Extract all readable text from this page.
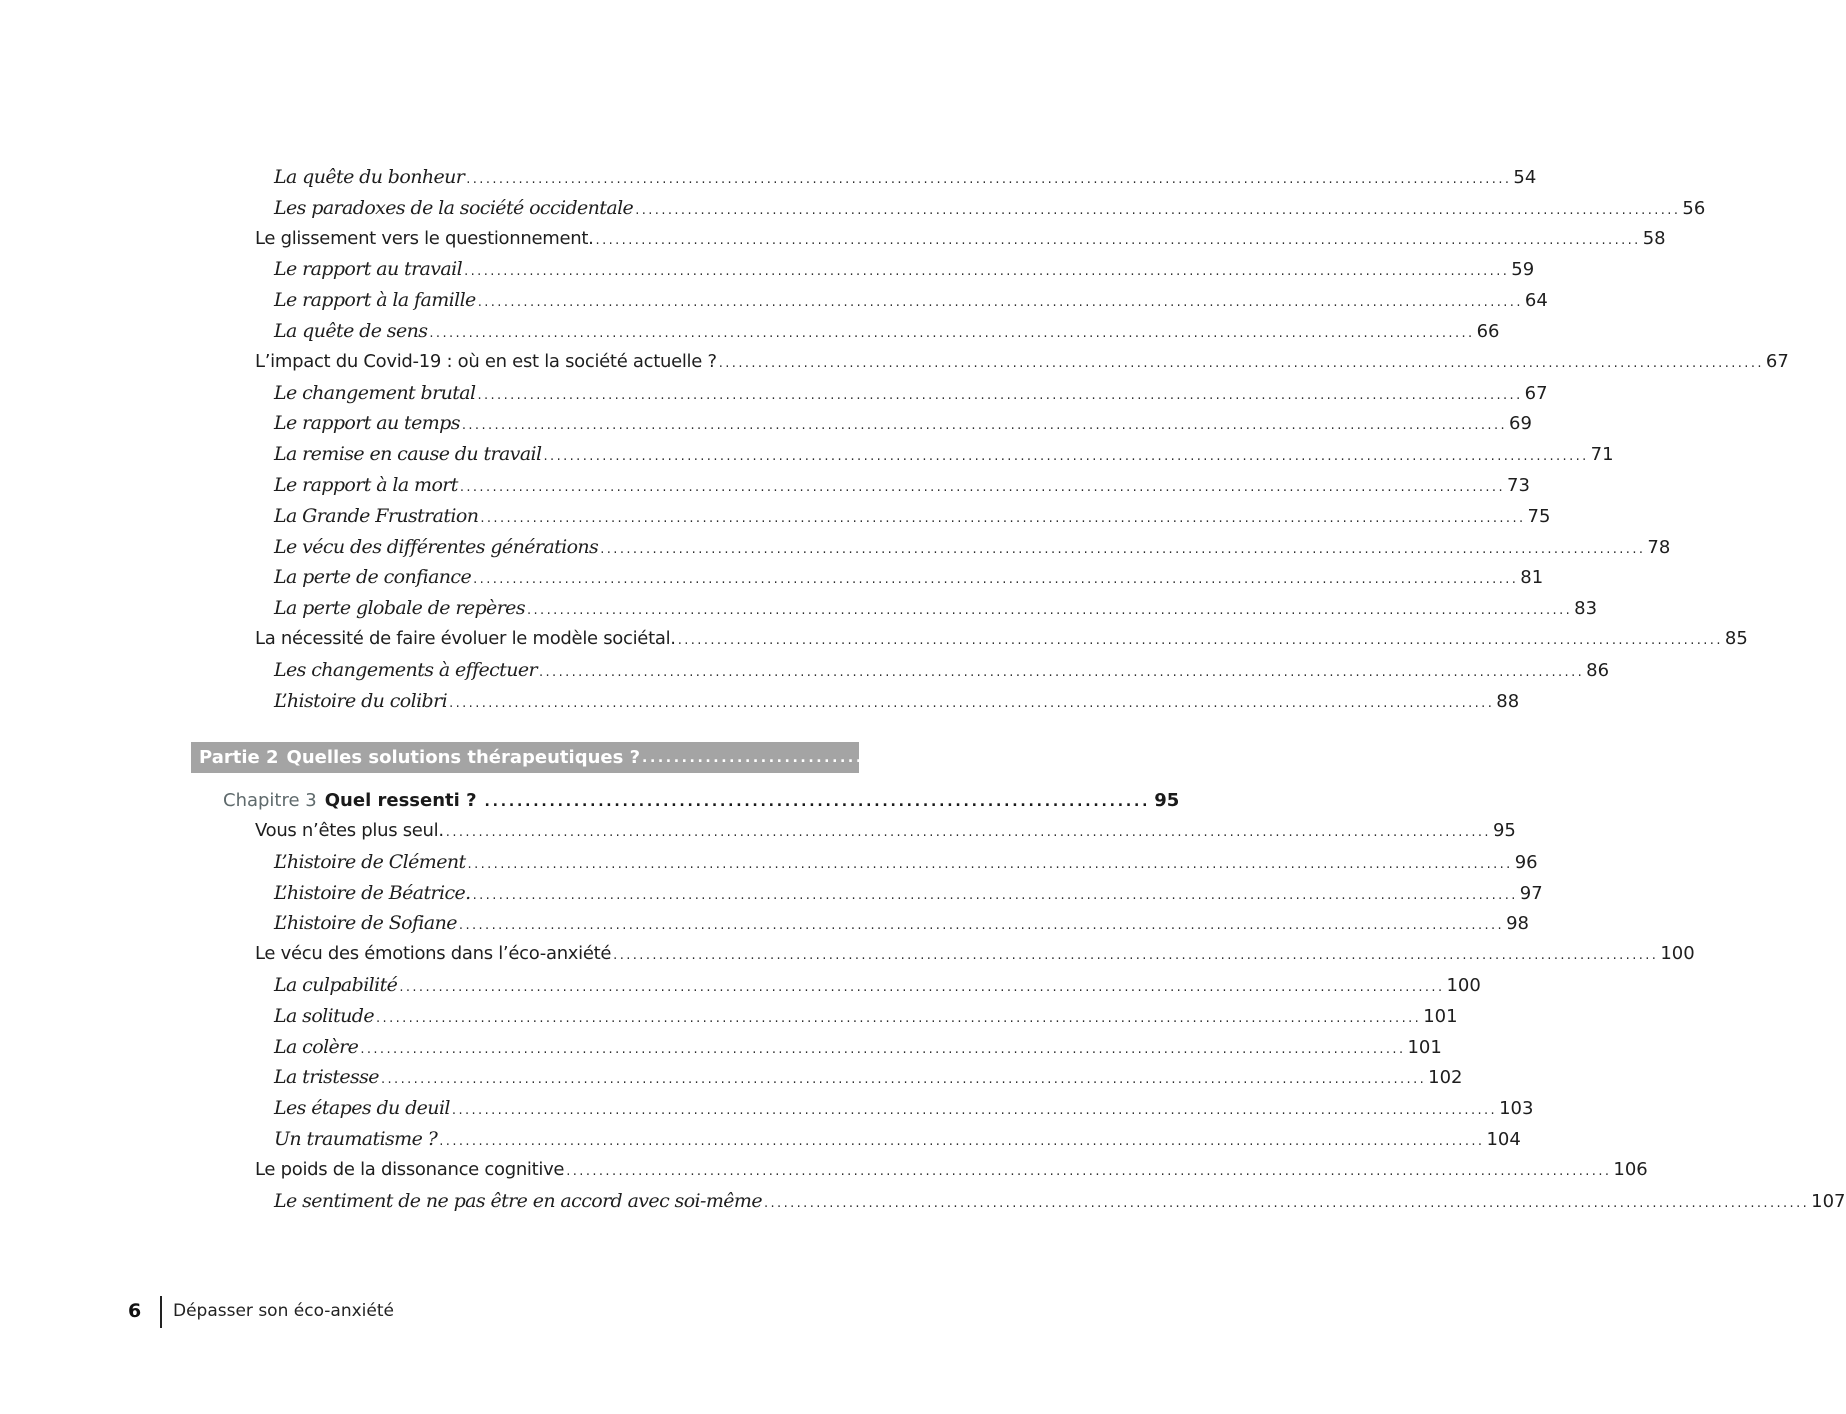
La quête du bonheur ................................................................................................................................................................ 54
Les paradoxes de la société occidentale ................................................................................................................................................................ 56
Le glissement vers le questionnement. ................................................................................................................................................................ 58
Le rapport au travail ................................................................................................................................................................ 59
Le rapport à la famille ................................................................................................................................................................ 64
La quête de sens ................................................................................................................................................................ 66
L’impact du Covid-19 : où en est la société actuelle ? ................................................................................................................................................................ 67
Le changement brutal ................................................................................................................................................................ 67
Le rapport au temps ................................................................................................................................................................ 69
La remise en cause du travail ................................................................................................................................................................ 71
Le rapport à la mort ................................................................................................................................................................ 73
La Grande Frustration ................................................................................................................................................................ 75
Le vécu des différentes générations ................................................................................................................................................................ 78
La perte de confiance ................................................................................................................................................................ 81
La perte globale de repères ................................................................................................................................................................ 83
La nécessité de faire évoluer le modèle sociétal. ................................................................................................................................................................ 85
Les changements à effectuer ................................................................................................................................................................ 86
L’histoire du colibri ................................................................................................................................................................ 88
Partie 2 Quelles solutions thérapeutiques ? .................................................................................. 91
Chapitre 3 Quel ressenti ? .................................................................................. 95
Vous n’êtes plus seul. ................................................................................................................................................................ 95
L’histoire de Clément ................................................................................................................................................................ 96
L’histoire de Béatrice. ................................................................................................................................................................ 97
L’histoire de Sofiane ................................................................................................................................................................ 98
Le vécu des émotions dans l’éco-anxiété ................................................................................................................................................................ 100
La culpabilité ................................................................................................................................................................ 100
La solitude ................................................................................................................................................................ 101
La colère ................................................................................................................................................................ 101
La tristesse ................................................................................................................................................................ 102
Les étapes du deuil ................................................................................................................................................................ 103
Un traumatisme ? ................................................................................................................................................................ 104
Le poids de la dissonance cognitive ................................................................................................................................................................ 106
Le sentiment de ne pas être en accord avec soi-même ................................................................................................................................................................ 107
6 Dépasser son éco-anxiété
